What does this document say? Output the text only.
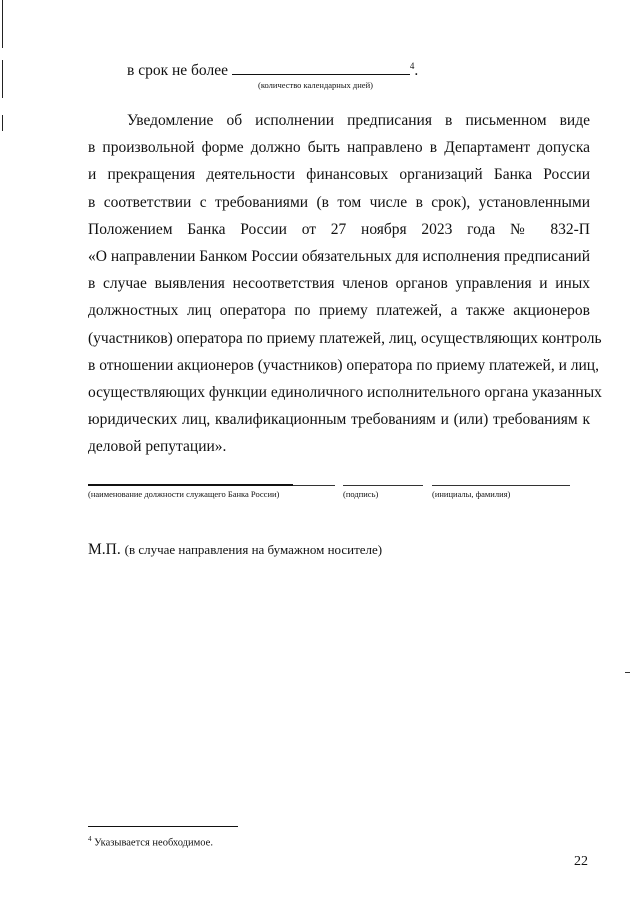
в срок не более	$^4$.
(количество календарных дней)

Уведомление об исполнении предписания в письменном виде
в произвольной форме должно быть направлено в Департамент допуска
и прекращения деятельности финансовых организаций Банка России
в соответствии с требованиями (в том числе в срок), установленными
Положением Банка России от 27 ноября 2023 года № 832-П
«О направлении Банком России обязательных для исполнения предписаний
в случае выявления несоответствия членов органов управления и иных
должностных лиц оператора по приему платежей, а также акционеров
(участников) оператора по приему платежей, лиц, осуществляющих контроль
в отношении акционеров (участников) оператора по приему платежей, и лиц,
осуществляющих функции единоличного исполнительного органа указанных
юридических лиц, квалификационным требованиям и (или) требованиям к
деловой репутации».

(наименование должности служащего Банка России)	(подпись)	(инициалы, фамилия)
М.П. (в случае направления на бумажном носителе)
$^4$ Указывается необходимое.
22
